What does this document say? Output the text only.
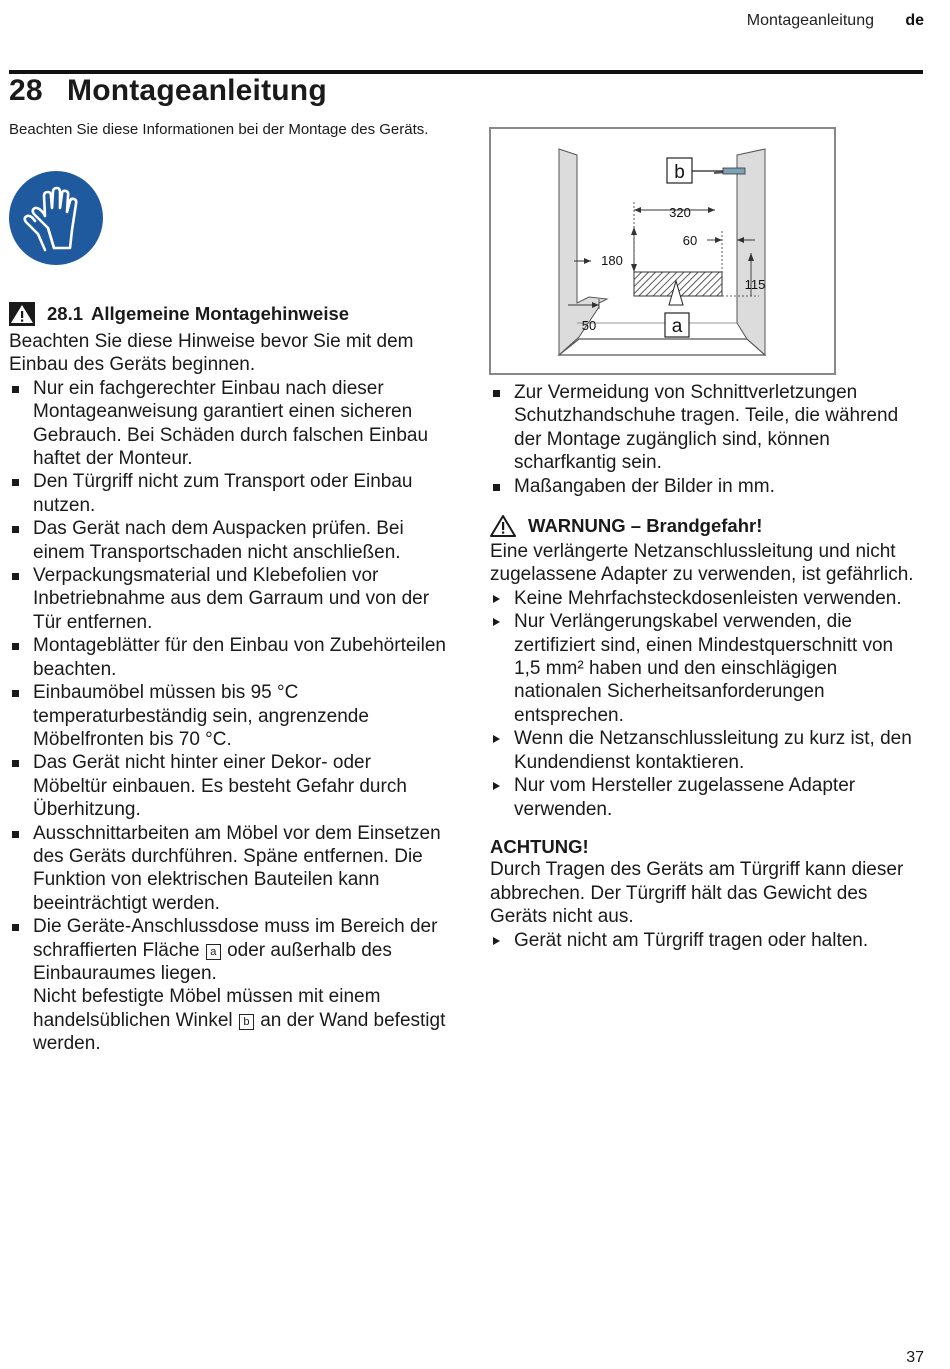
Montageanleitung de
28 Montageanleitung

Beachten Sie diese Informationen bei der Montage des Geräts.

28.1 Allgemeine Montagehinweise

Beachten Sie diese Hinweise bevor Sie mit dem Einbau des Geräts beginnen.

Nur ein fachgerechter Einbau nach dieser Montageanweisung garantiert einen sicheren Gebrauch. Bei Schäden durch falschen Einbau haftet der Monteur.
Den Türgriff nicht zum Transport oder Einbau nutzen.
Das Gerät nach dem Auspacken prüfen. Bei einem Transportschaden nicht anschließen.
Verpackungsmaterial und Klebefolien vor Inbetriebnahme aus dem Garraum und von der Tür entfernen.
Montageblätter für den Einbau von Zubehörteilen beachten.
Einbaumöbel müssen bis 95 °C temperaturbeständig sein, angrenzende Möbelfronten bis 70 °C.
Das Gerät nicht hinter einer Dekor- oder Möbeltür einbauen. Es besteht Gefahr durch Überhitzung.
Ausschnittarbeiten am Möbel vor dem Einsetzen des Geräts durchführen. Späne entfernen. Die Funktion von elektrischen Bauteilen kann beeinträchtigt werden.
Die Geräte-Anschlussdose muss im Bereich der schraffierten Fläche a oder außerhalb des Einbauraumes liegen.

Nicht befestigte Möbel müssen mit einem handelsüblichen Winkel b an der Wand befestigt werden.

b
a
320
60
180
115
50
Zur Vermeidung von Schnittverletzungen Schutzhandschuhe tragen. Teile, die während der Montage zugänglich sind, können scharfkantig sein.
Maßangaben der Bilder in mm.
WARNUNG – Brandgefahr!

Eine verlängerte Netzanschlussleitung und nicht zugelassene Adapter zu verwenden, ist gefährlich.

Keine Mehrfachsteckdosenleisten verwenden.
Nur Verlängerungskabel verwenden, die zertifiziert sind, einen Mindestquerschnitt von 1,5 mm² haben und den einschlägigen nationalen Sicherheitsanforderungen entsprechen.
Wenn die Netzanschlussleitung zu kurz ist, den Kundendienst kontaktieren.
Nur vom Hersteller zugelassene Adapter verwenden.
ACHTUNG!

Durch Tragen des Geräts am Türgriff kann dieser abbrechen. Der Türgriff hält das Gewicht des Geräts nicht aus.

Gerät nicht am Türgriff tragen oder halten.
37
